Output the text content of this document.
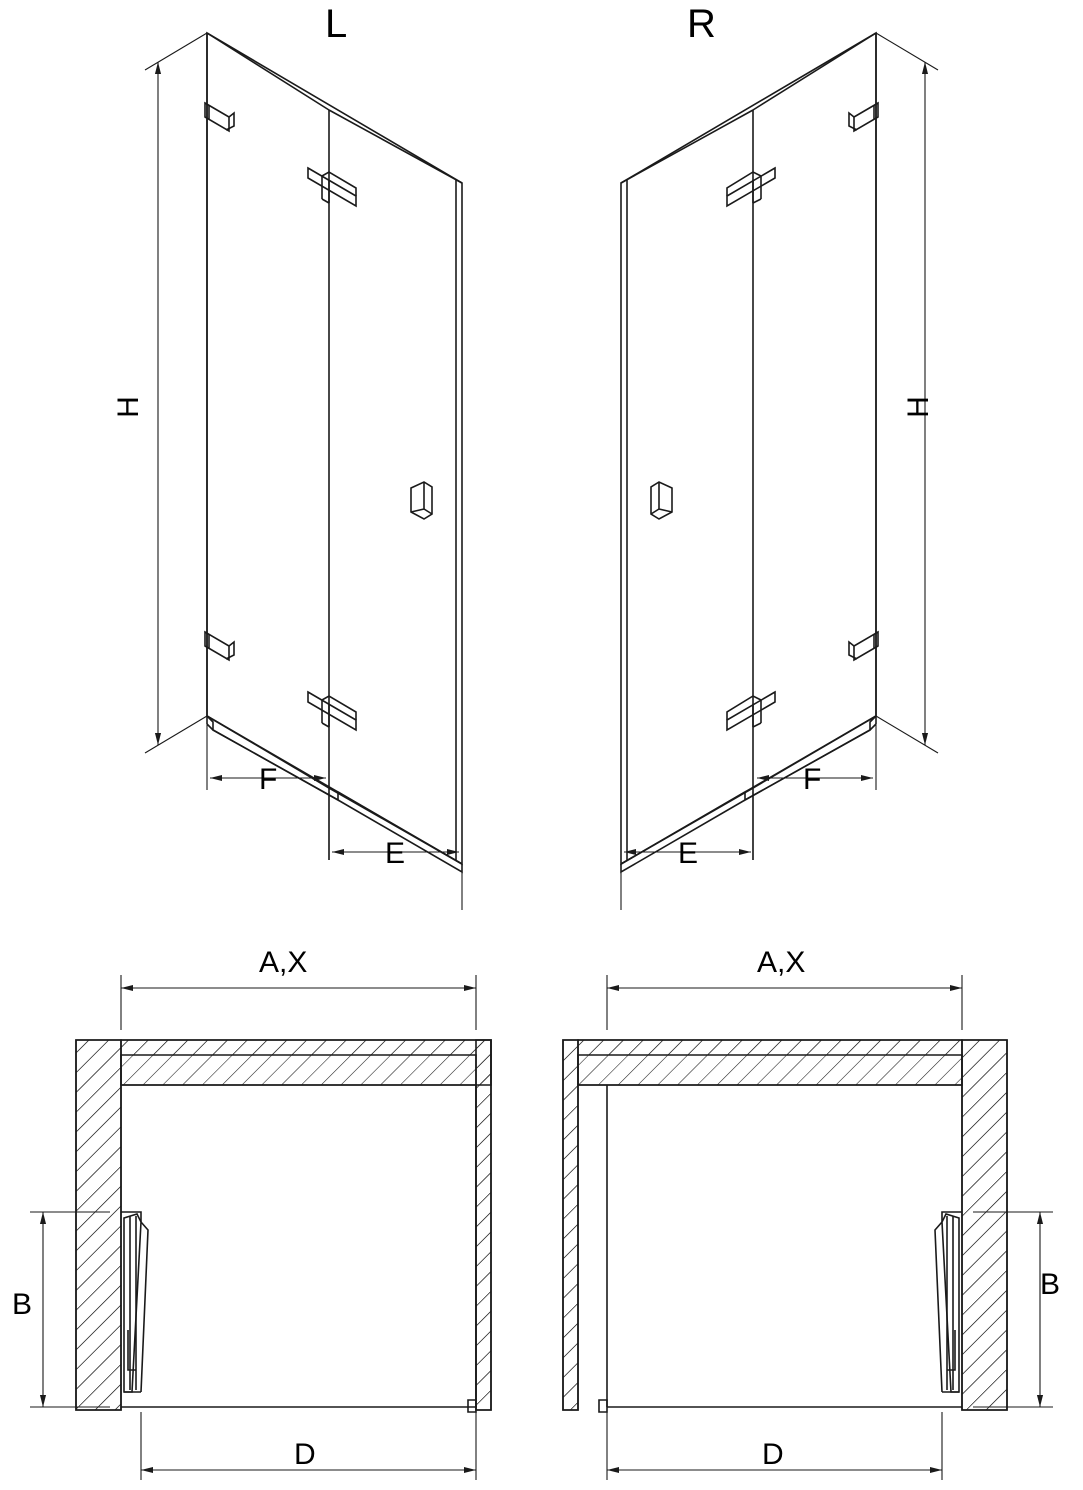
L	R
H	H
F
E
F
E
A,X	A,X
B
B
D	D
